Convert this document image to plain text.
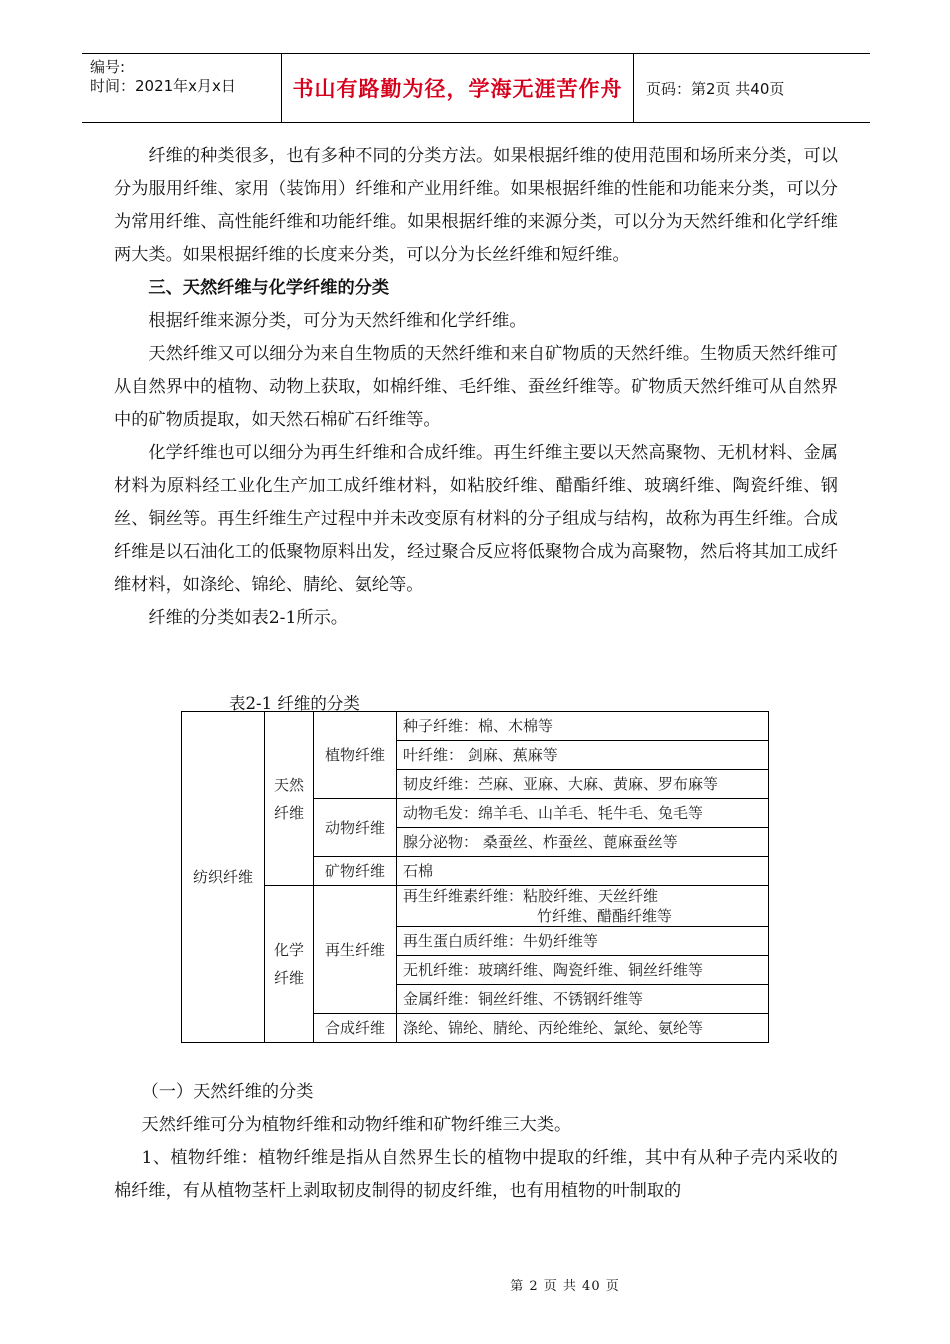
编号:
时间：2021年x月x日	书山有路勤为径，学海无涯苦作舟	页码：第2页 共40页

纤维的种类很多，也有多种不同的分类方法。如果根据纤维的使用范围和场所来分类，可以分为服用纤维、家用（装饰用）纤维和产业用纤维。如果根据纤维的性能和功能来分类，可以分为常用纤维、高性能纤维和功能纤维。如果根据纤维的来源分类，可以分为天然纤维和化学纤维两大类。如果根据纤维的长度来分类，可以分为长丝纤维和短纤维。

三、天然纤维与化学纤维的分类

根据纤维来源分类，可分为天然纤维和化学纤维。

天然纤维又可以细分为来自生物质的天然纤维和来自矿物质的天然纤维。生物质天然纤维可从自然界中的植物、动物上获取，如棉纤维、毛纤维、蚕丝纤维等。矿物质天然纤维可从自然界中的矿物质提取，如天然石棉矿石纤维等。

化学纤维也可以细分为再生纤维和合成纤维。再生纤维主要以天然高聚物、无机材料、金属材料为原料经工业化生产加工成纤维材料，如粘胶纤维、醋酯纤维、玻璃纤维、陶瓷纤维、钢丝、铜丝等。再生纤维生产过程中并未改变原有材料的分子组成与结构，故称为再生纤维。合成纤维是以石油化工的低聚物原料出发，经过聚合反应将低聚物合成为高聚物，然后将其加工成纤维材料，如涤纶、锦纶、腈纶、氨纶等。

纤维的分类如表2-1所示。

表2-1 纤维的分类
纺织纤维	天然纤维	植物纤维	种子纤维：棉、木棉等
			叶纤维： 剑麻、蕉麻等
			韧皮纤维：苎麻、亚麻、大麻、黄麻、罗布麻等
		动物纤维	动物毛发：绵羊毛、山羊毛、牦牛毛、兔毛等
			腺分泌物： 桑蚕丝、柞蚕丝、蓖麻蚕丝等
		矿物纤维	石棉
	化学纤维	再生纤维	再生纤维素纤维：粘胶纤维、天丝纤维
竹纤维、醋酯纤维等

			再生蛋白质纤维：牛奶纤维等
			无机纤维：玻璃纤维、陶瓷纤维、铜丝纤维等
			金属纤维：铜丝纤维、不锈钢纤维等
		合成纤维	涤纶、锦纶、腈纶、丙纶维纶、氯纶、氨纶等

（一）天然纤维的分类

天然纤维可分为植物纤维和动物纤维和矿物纤维三大类。

1、植物纤维：植物纤维是指从自然界生长的植物中提取的纤维，其中有从种子壳内采收的棉纤维，有从植物茎杆上剥取韧皮制得的韧皮纤维，也有用植物的叶制取的

第 2 页 共 40 页
